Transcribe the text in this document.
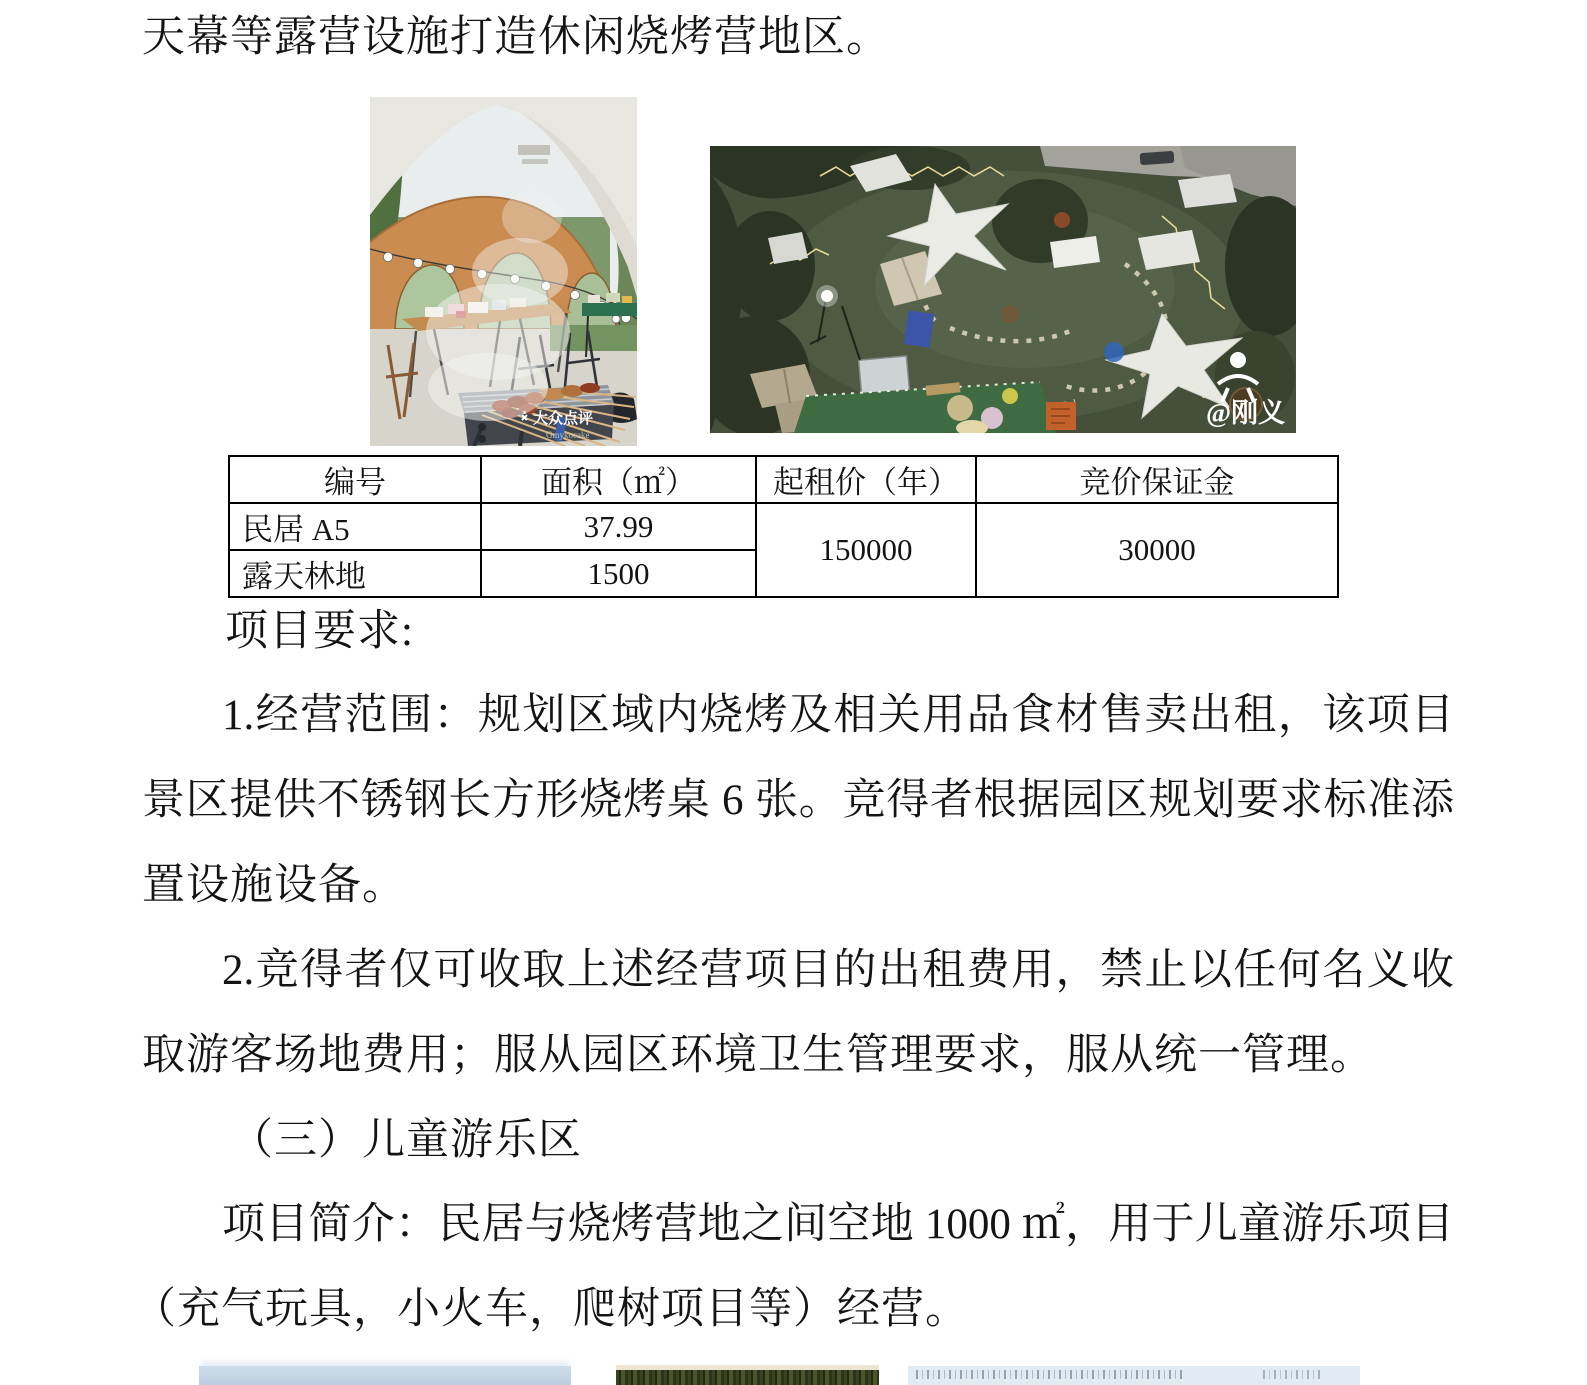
天幕等露营设施打造休闲烧烤营地区。
大众点评
Gmykocake
@刚义
编号	面积（㎡）	起租价（年）	竞价保证金
民居 A5	37.99	150000	30000
露天林地	1500		
项目要求:
1.经营范围：规划区域内烧烤及相关用品食材售卖出租，该项目
景区提供不锈钢长方形烧烤桌 6 张。竞得者根据园区规划要求标准添
置设施设备。
2.竞得者仅可收取上述经营项目的出租费用，禁止以任何名义收
取游客场地费用；服从园区环境卫生管理要求，服从统一管理。
（三）儿童游乐区
项目简介：民居与烧烤营地之间空地 1000 ㎡，用于儿童游乐项目
（充气玩具，小火车，爬树项目等）经营。
